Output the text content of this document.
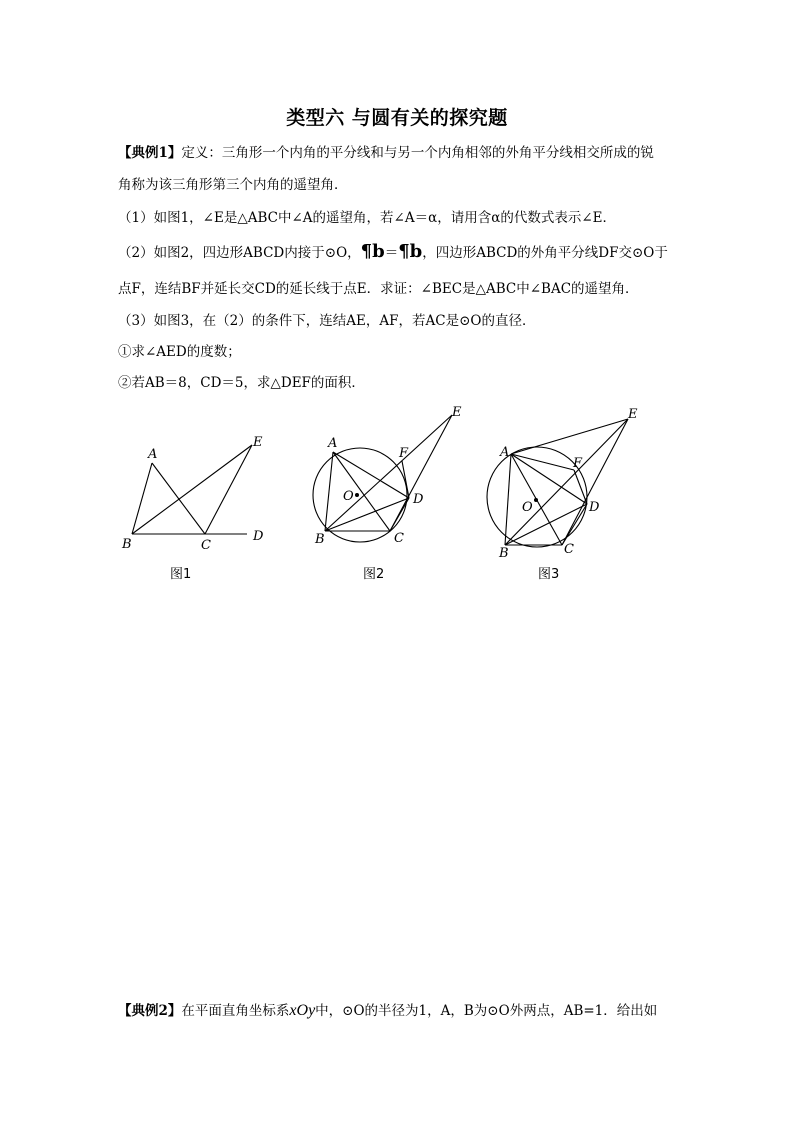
类型六 与圆有关的探究题
【典例1】定义：三角形一个内角的平分线和与另一个内角相邻的外角平分线相交所成的锐
角称为该三角形第三个内角的遥望角．
（1）如图1，∠E是△ABC中∠A的遥望角，若∠A＝α，请用含α的代数式表示∠E．
（2）如图2，四边形ABCD内接于⊙O，¶b＝¶b，四边形ABCD的外角平分线DF交⊙O于
点F，连结BF并延长交CD的延长线于点E．求证：∠BEC是△ABC中∠BAC的遥望角．
（3）如图3，在（2）的条件下，连结AE，AF，若AC是⊙O的直径．
①求∠AED的度数；
②若AB＝8，CD＝5，求△DEF的面积．
A
B	C
D
E
图1
A
B	C
D
E
F
O
图2
A
B	C
D
E
F
O
图3
【典例2】在平面直角坐标系xOy中，⊙O的半径为1，A，B为⊙O外两点，AB=1．给出如
